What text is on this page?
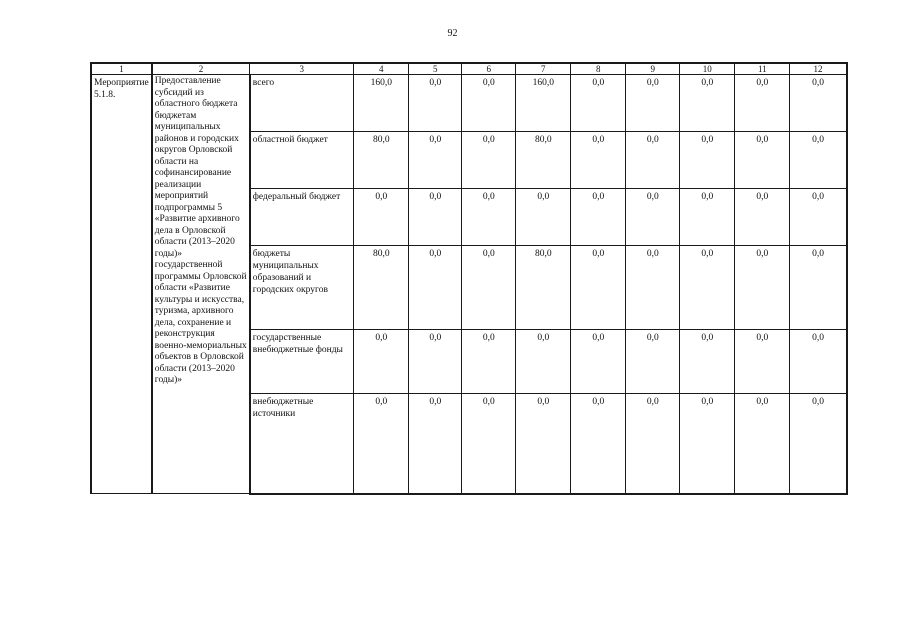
92
1	2	3	4	5	6	7	8	9	10	11	12
Мероприятие 5.1.8.	Предоставление субсидий из областного бюджета бюджетам муниципальных районов и городских округов Орловской области на софинансирование реализации мероприятий подпрограммы 5 «Развитие архивного дела в Орловской области (2013–2020 годы)» государственной программы Орловской области «Развитие культуры и искусства, туризма, архивного дела, сохранение и реконструкция военно-мемориальных объектов в Орловской области (2013–2020 годы)»	всего	160,0	0,0	0,0	160,0	0,0	0,0	0,0	0,0	0,0
		областной бюджет	80,0	0,0	0,0	80,0	0,0	0,0	0,0	0,0	0,0
		федеральный бюджет	0,0	0,0	0,0	0,0	0,0	0,0	0,0	0,0	0,0
		бюджеты муниципальных образований и городских округов	80,0	0,0	0,0	80,0	0,0	0,0	0,0	0,0	0,0
		государственные внебюджетные фонды	0,0	0,0	0,0	0,0	0,0	0,0	0,0	0,0	0,0
		внебюджетные источники	0,0	0,0	0,0	0,0	0,0	0,0	0,0	0,0	0,0
